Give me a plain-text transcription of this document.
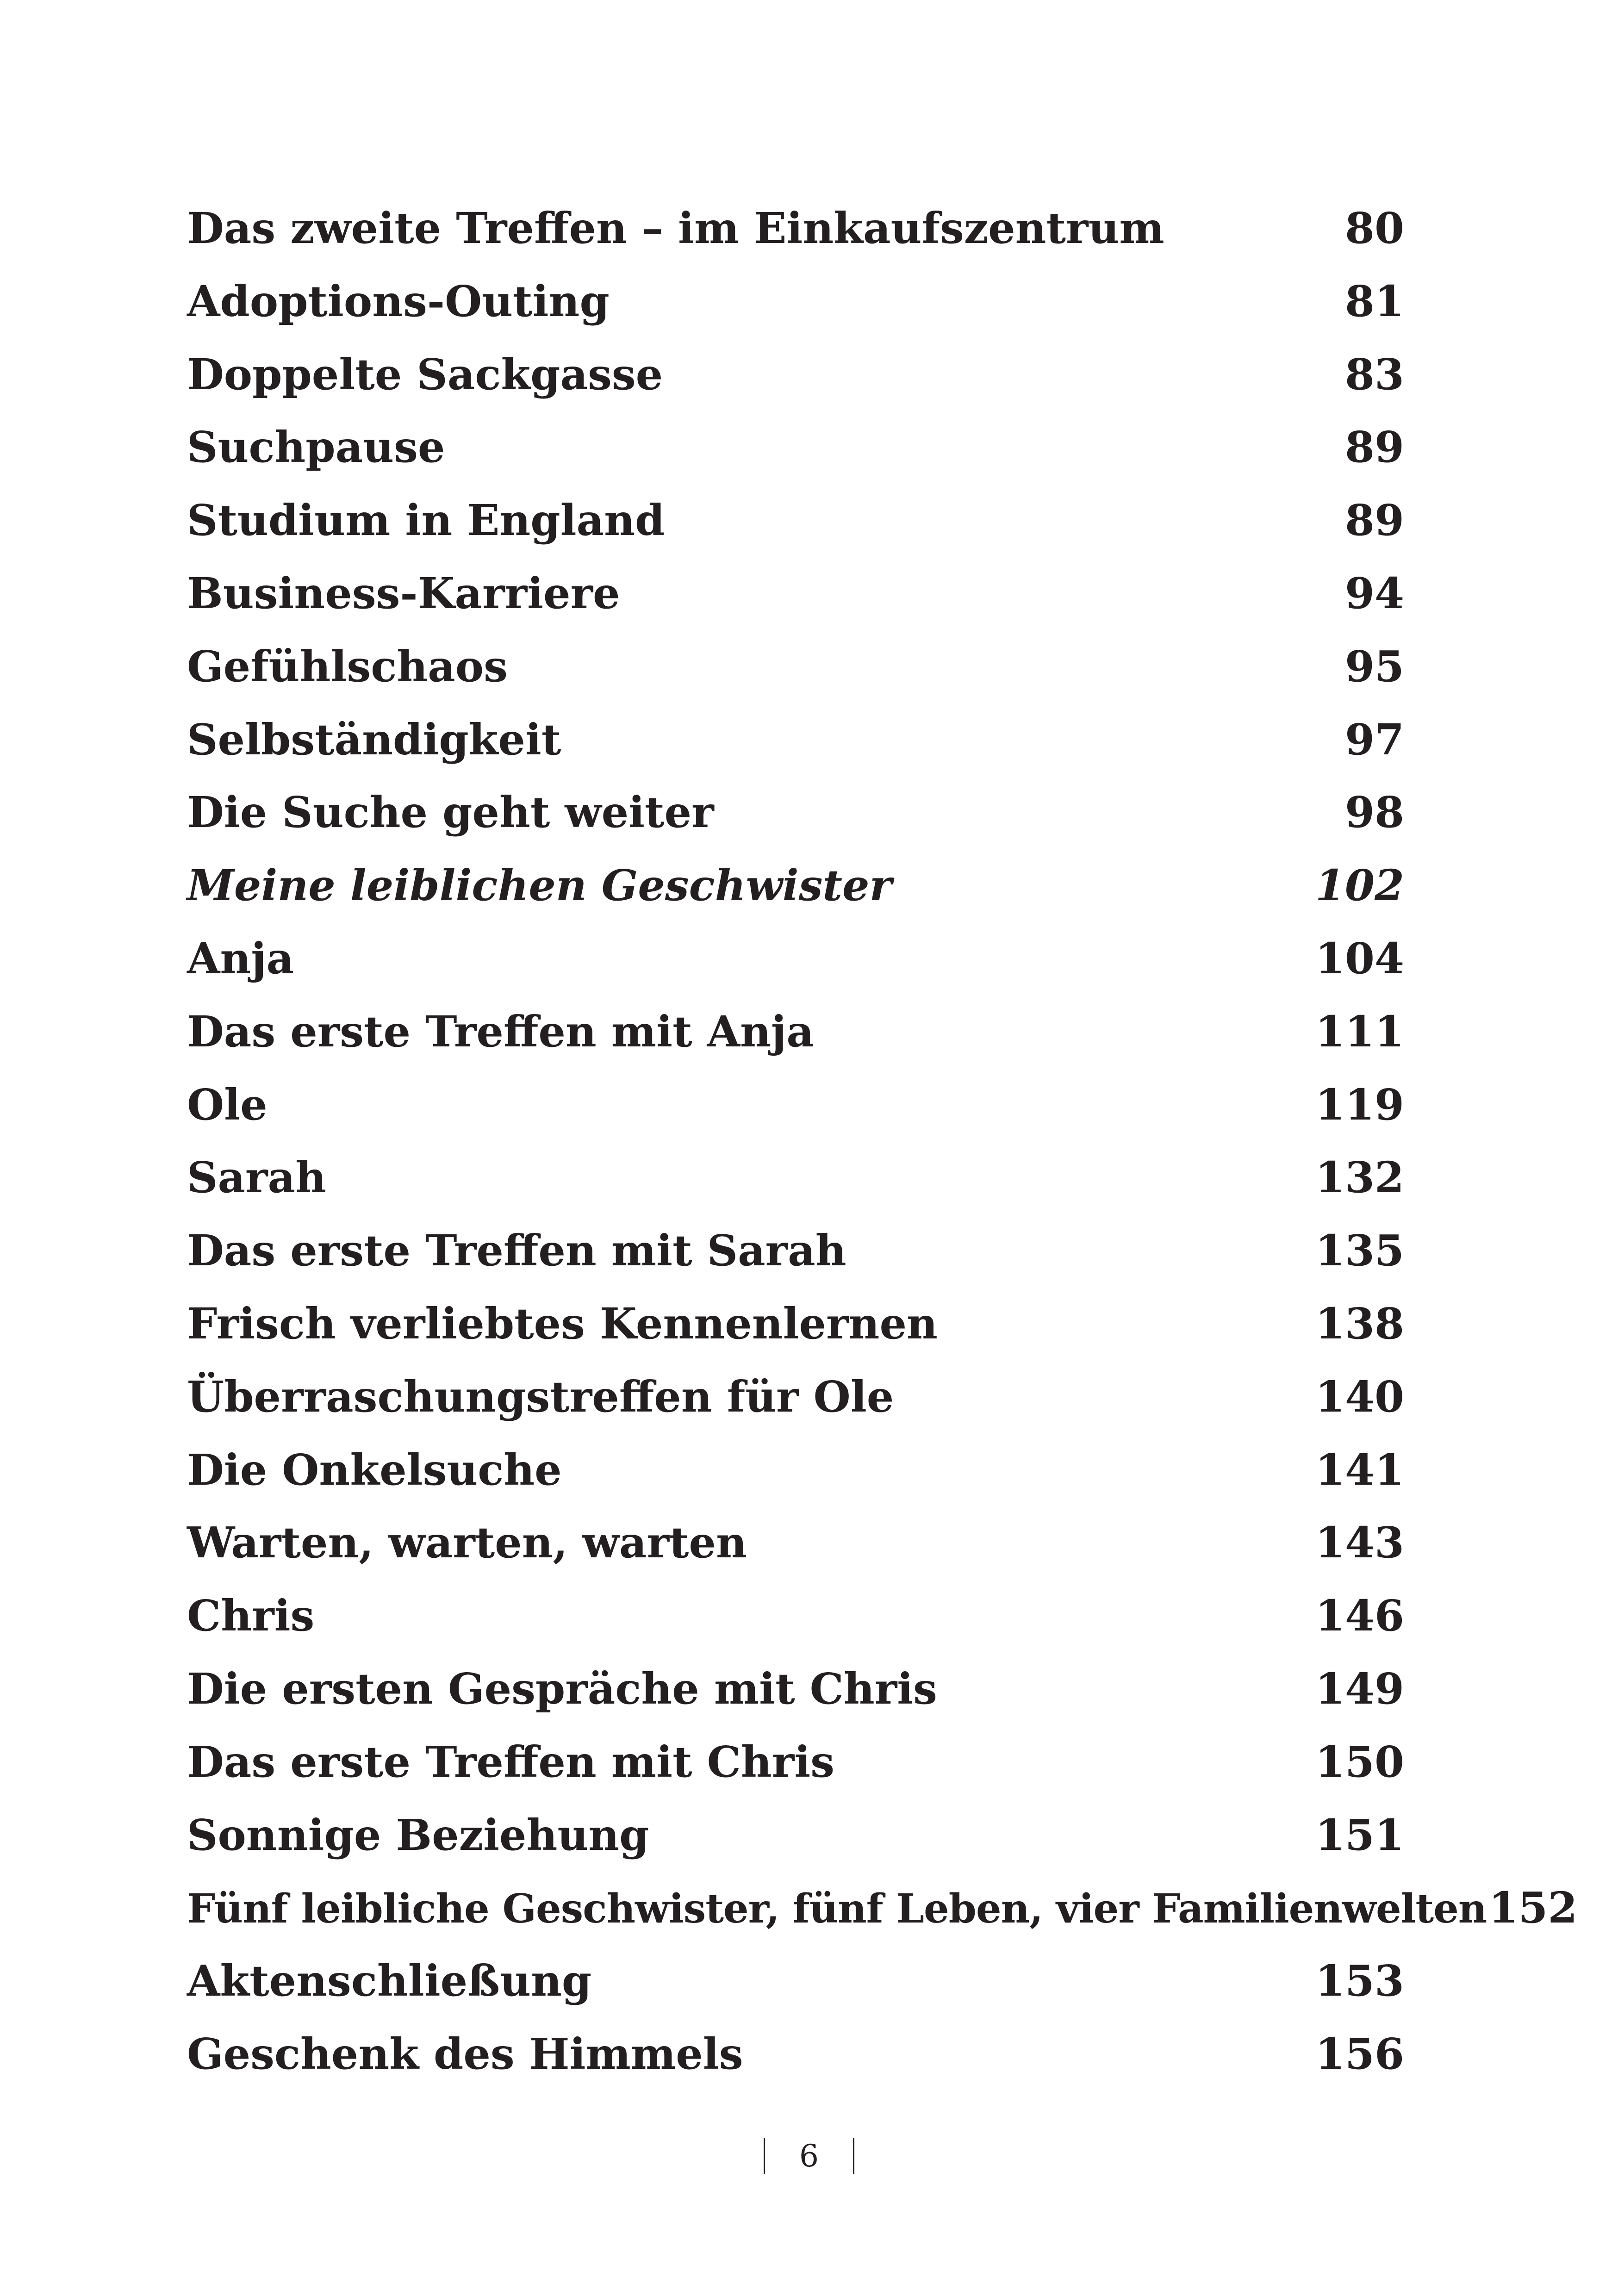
Das zweite Treffen – im Einkaufszentrum	80
Adoptions-Outing	81
Doppelte Sackgasse	83
Suchpause	89
Studium in England	89
Business-Karriere	94
Gefühlschaos	95
Selbständigkeit	97
Die Suche geht weiter	98
Meine leiblichen Geschwister	102
Anja	104
Das erste Treffen mit Anja	111
Ole	119
Sarah	132
Das erste Treffen mit Sarah	135
Frisch verliebtes Kennenlernen	138
Überraschungstreffen für Ole	140
Die Onkelsuche	141
Warten, warten, warten	143
Chris	146
Die ersten Gespräche mit Chris	149
Das erste Treffen mit Chris	150
Sonnige Beziehung	151
Fünf leibliche Geschwister, fünf Leben, vier Familienwelten 152
Aktenschließung	153
Geschenk des Himmels	156
6
